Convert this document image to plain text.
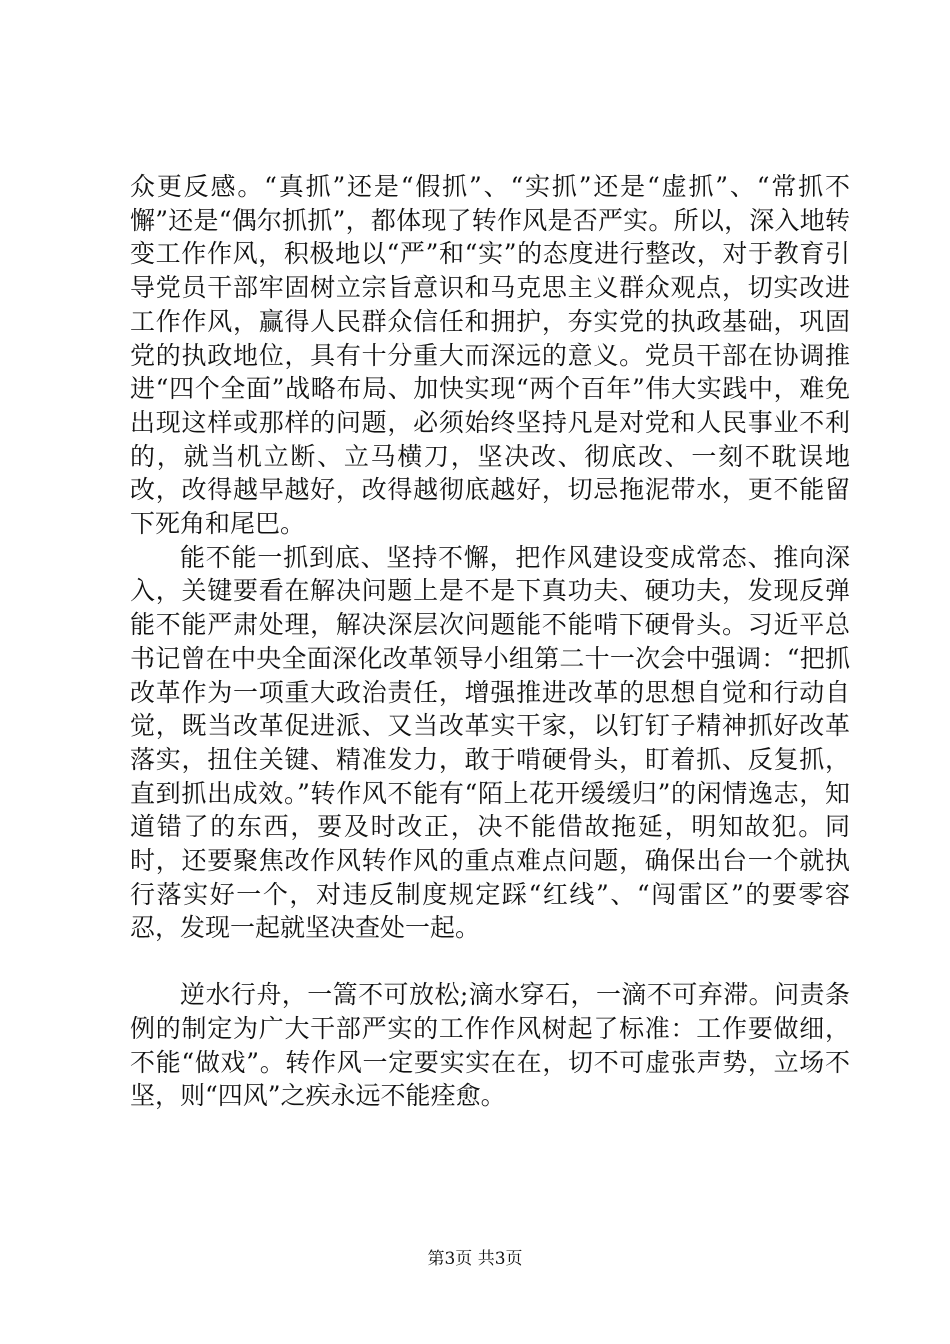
众更反感。“真抓”还是“假抓”、“实抓”还是“虚抓”、“常抓不懈”还是“偶尔抓抓”，都体现了转作风是否严实。所以，深入地转变工作作风，积极地以“严”和“实”的态度进行整改，对于教育引导党员干部牢固树立宗旨意识和马克思主义群众观点，切实改进工作作风，赢得人民群众信任和拥护，夯实党的执政基础，巩固党的执政地位，具有十分重大而深远的意义。党员干部在协调推进“四个全面”战略布局、加快实现“两个百年”伟大实践中，难免出现这样或那样的问题，必须始终坚持凡是对党和人民事业不利的，就当机立断、立马横刀，坚决改、彻底改、一刻不耽误地改，改得越早越好，改得越彻底越好，切忌拖泥带水，更不能留下死角和尾巴。

能不能一抓到底、坚持不懈，把作风建设变成常态、推向深入，关键要看在解决问题上是不是下真功夫、硬功夫，发现反弹能不能严肃处理，解决深层次问题能不能啃下硬骨头。习近平总书记曾在中央全面深化改革领导小组第二十一次会中强调：“把抓改革作为一项重大政治责任，增强推进改革的思想自觉和行动自觉，既当改革促进派、又当改革实干家，以钉钉子精神抓好改革落实，扭住关键、精准发力，敢于啃硬骨头，盯着抓、反复抓，直到抓出成效。”转作风不能有“陌上花开缓缓归”的闲情逸志，知道错了的东西，要及时改正，决不能借故拖延，明知故犯。同时，还要聚焦改作风转作风的重点难点问题，确保出台一个就执行落实好一个，对违反制度规定踩“红线”、“闯雷区”的要零容忍，发现一起就坚决查处一起。

逆水行舟，一篙不可放松;滴水穿石，一滴不可弃滞。问责条例的制定为广大干部严实的工作作风树起了标准：工作要做细，不能“做戏”。转作风一定要实实在在，切不可虚张声势，立场不坚，则“四风”之疾永远不能痊愈。

第3页 共3页
